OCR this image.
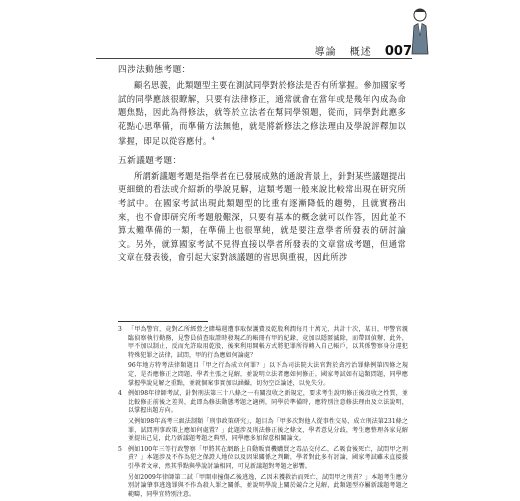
導論 概述 007

四涉法動態考題：

顧名思義，此類題型主要在測試同學對於修法是否有所掌握。參加國家考試的同學應該很瞭解，只要有法律修正，通常就會在當年或是幾年內成為命題焦點，因此為得修法，就等於立法者在幫同學領題，從而，同學對此應多花點心思準備，而準備方法無他，就是將新修法之修法理由及學說評釋加以掌握，即足以從容應付。$^4$

五新議題考題：

所謂新議題考題是指學者在已發展成熟的通說背景上，針對某些議題提出更細緻的看法或介紹新的學說見解，這類考題一般來說比較常出現在研究所考試中。在國家考試出現此類題型的比重有逐漸降低的趨勢，且就實務出來，也不會即研究所考題般艱深，只要有基本的概念就可以作答，因此並不算太難準備的一類，在準備上也很單純，就是要注意學者所發表的研討論文。另外，就算國家考試不見得直接以學者所發表的文章當成考題，但通常文章在發表後，會引起大家對該議題的省思與重視，因此所涉

3 「甲為警官，竟對乙所經營之賭場週遭事取保護費及乾股利潤每月十萬元，共計十次，某日，甲警官親臨偵察執行勤務，見警員偵查取證時發現乙的帳冊有甲的紀錄，竟加以隱匿滅除，而帶回偵辦，此外，甲不加以制止，反而允許取用乾股，後來利用開帳方式將犯罪所得轉入自己帳戶，以其係警察身分違犯特殊犯罪之法律，試問，甲的行為應如何論處？

96年地方特考法律類題目「甲之行為成立何罪？」以下為司法院大法官對於貪污治罪條例第四條之規定，是否應修正之問題，學者主張之見解，並說明立法者應如何修正。國家考試如有這類問題，同學應掌握學說見解之重點，並就個案事實加以涵攝，切勿空泛論述，以免失分。

4 例如98年律師考試，針對刑法第三十八條之一有關沒收之新規定，要求考生說明修正後沒收之性質，並比較修正前後之差異，此即為修法動態考題之適例，同學於準備時，應特別注意修法理由及立法說明，以掌握出題方向。

又例如98年高考三級法制類「刑事政策研究」，題目為「甲多次對他人從事性交易，成立刑法第231條之罪，試問刑事政策上應如何處置？」此題涉及刑法修正後之條文，學者意見分歧，考生應整理各家見解並提出己見，此乃新議題考題之典型，同學應多加留意相關論文。

5 例如100年三等行政警察「甲將其在網路上自動販賣機購買之毒品交付乙，乙吸食後死亡，試問甲之刑責？」本題涉及不作為犯之保證人地位以及因果關係之判斷，學者對此多有討論，國家考試雖未直接援引學者文章，然其爭點與學說討論相同，可見新議題對考題之影響。

另如2009年律師第二試「甲開車撞傷乙後逃逸，乙因未獲救治而死亡，試問甲之刑責？」本題考生應分別討論肇事逃逸罪與不作為殺人罪之關係，並說明學說上關於競合之見解，此類題型亦屬新議題考題之範疇，同學宜特別注意。
